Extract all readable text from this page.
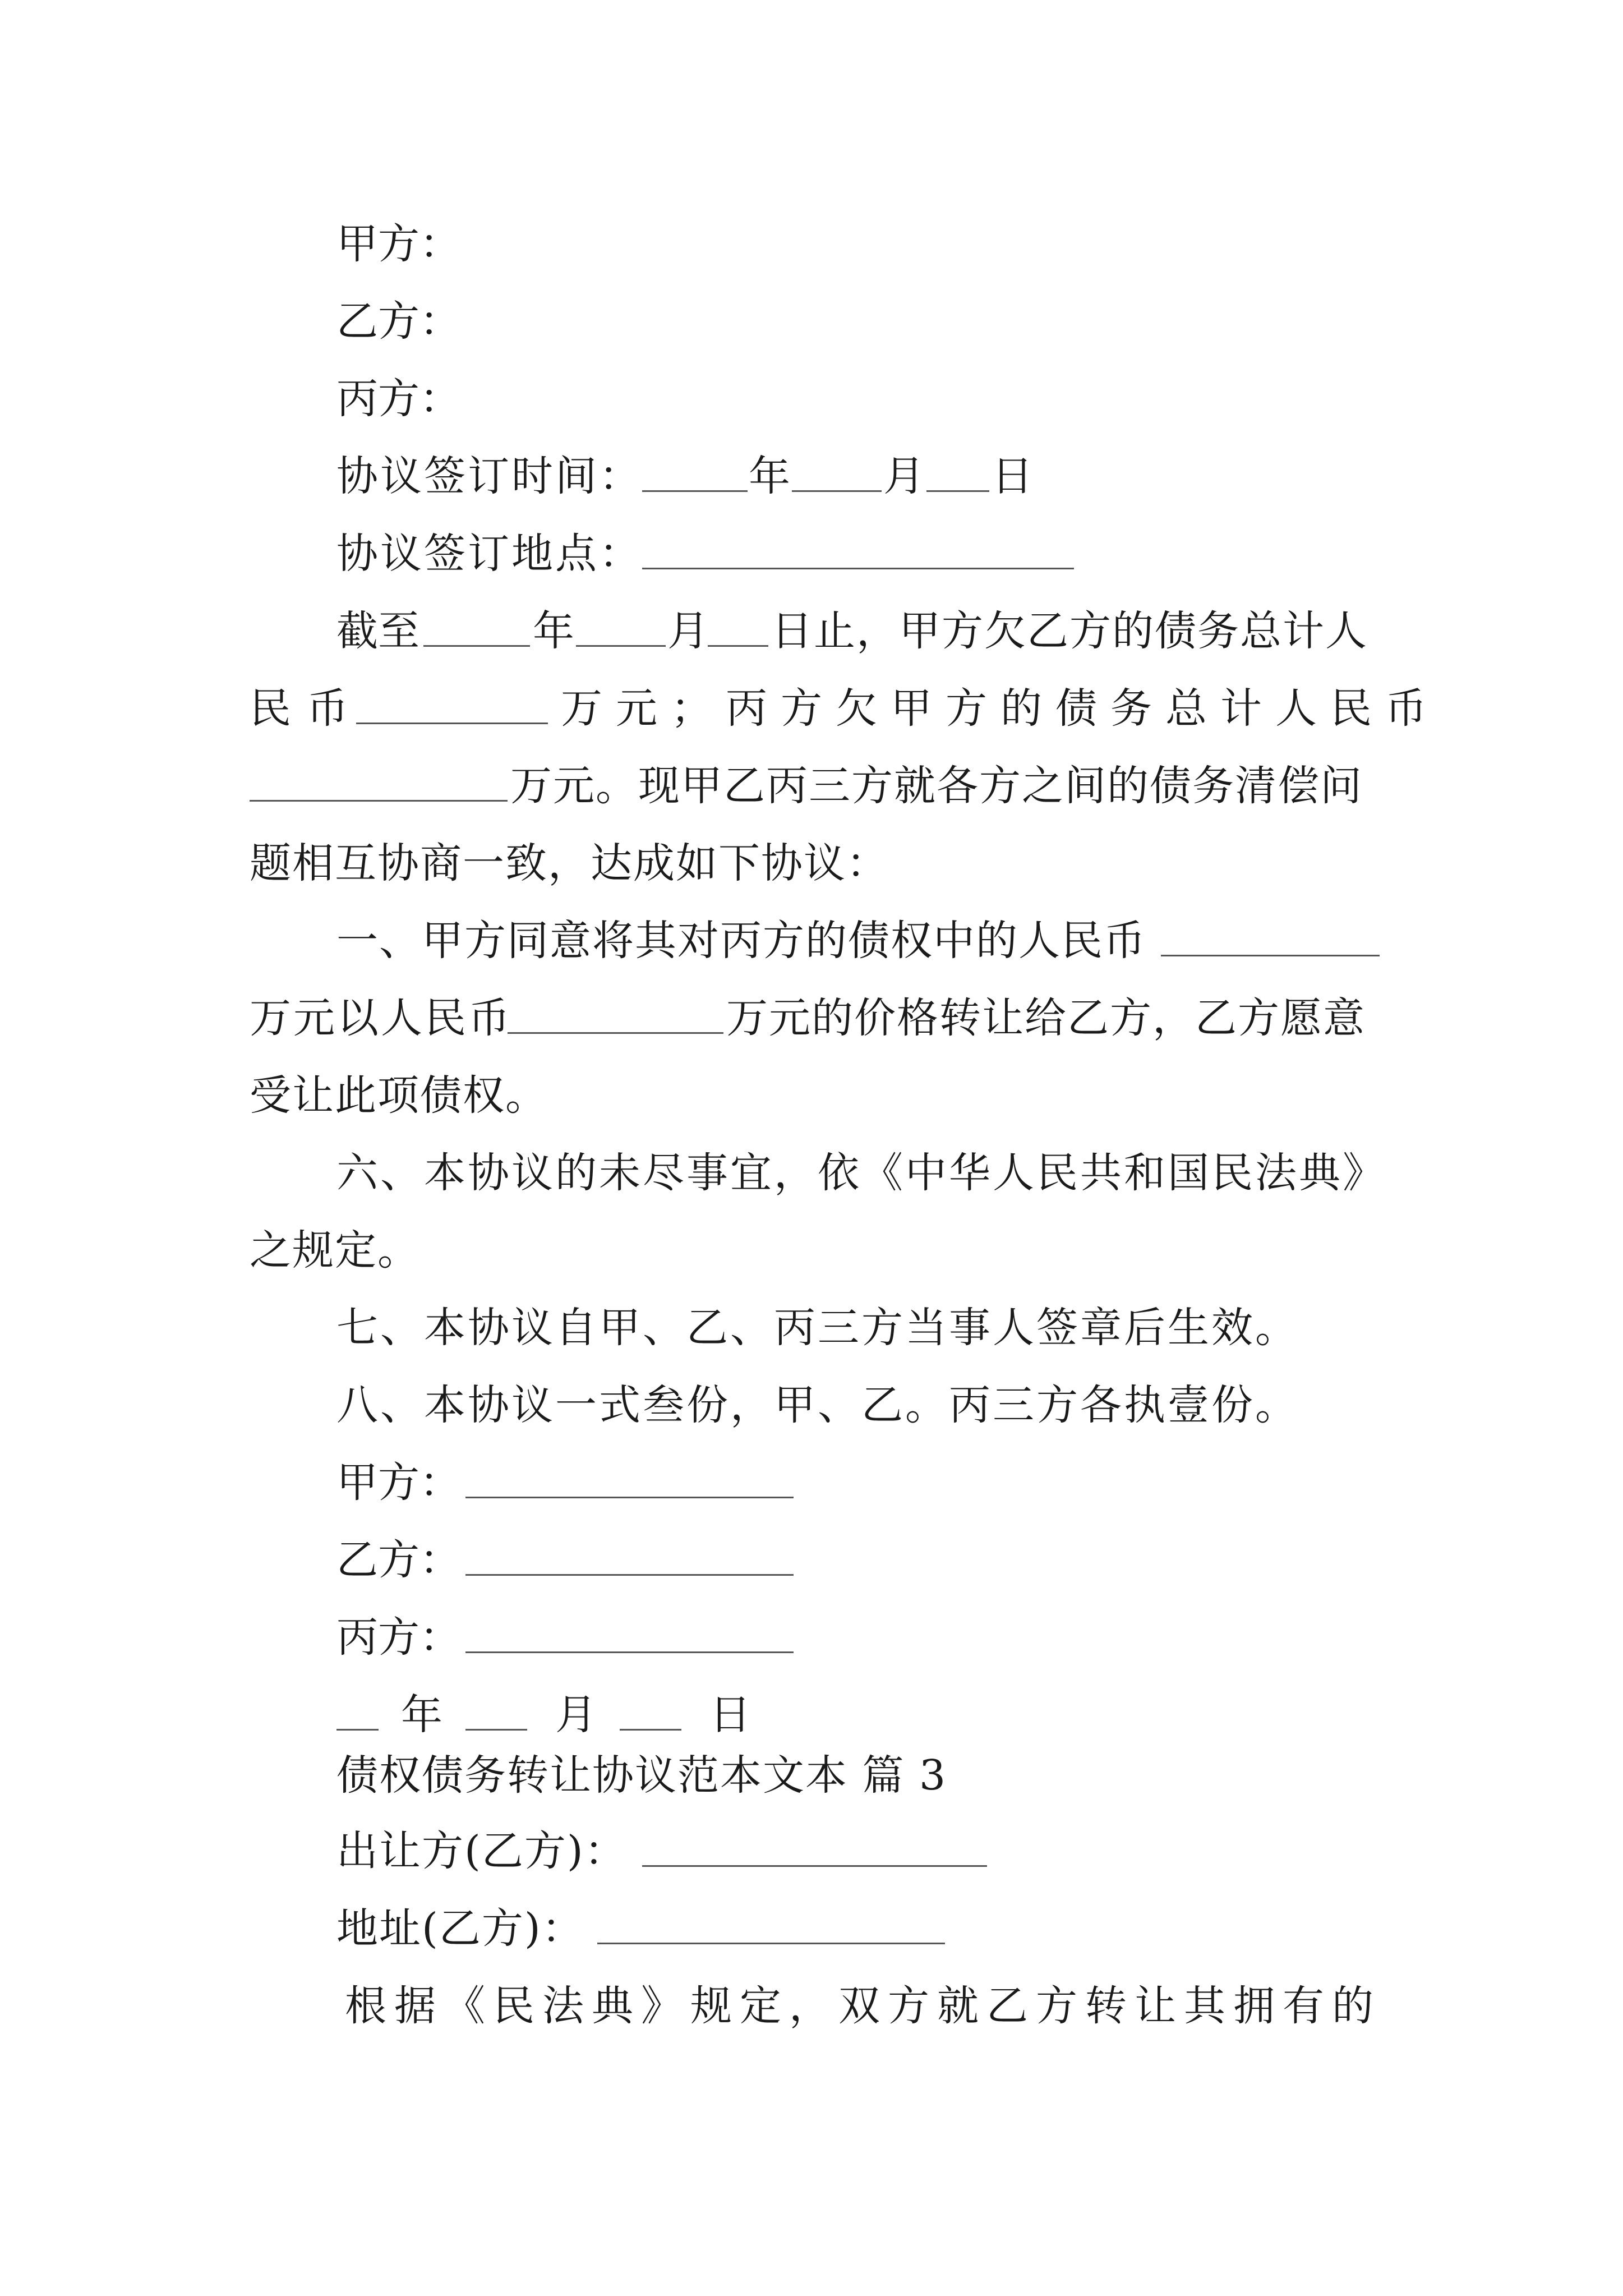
甲方：
乙方：
丙方：
协议签订时间：	年 月 日
协议签订地点：
截至	年 月 日止，甲方欠乙方的债务总计人
民币	万元；丙方欠甲方的债务总计人民币
万元。现甲乙丙三方就各方之间的债务清偿问
题相互协商一致，达成如下协议：
一、甲方同意将其对丙方的债权中的人民币
万元以人民币	万元的价格转让给乙方，乙方愿意
受让此项债权。
六、本协议的未尽事宜，依《中华人民共和国民法典》
之规定。
七、本协议自甲、乙、丙三方当事人签章后生效。
八、本协议一式叁份，甲、乙。丙三方各执壹份。
甲方：
乙方：
丙方：
年	月	日
债权债务转让协议范本文本 篇 3
出让方(乙方)：
地址(乙方)：
根据《民法典》规定，双方就乙方转让其拥有的
